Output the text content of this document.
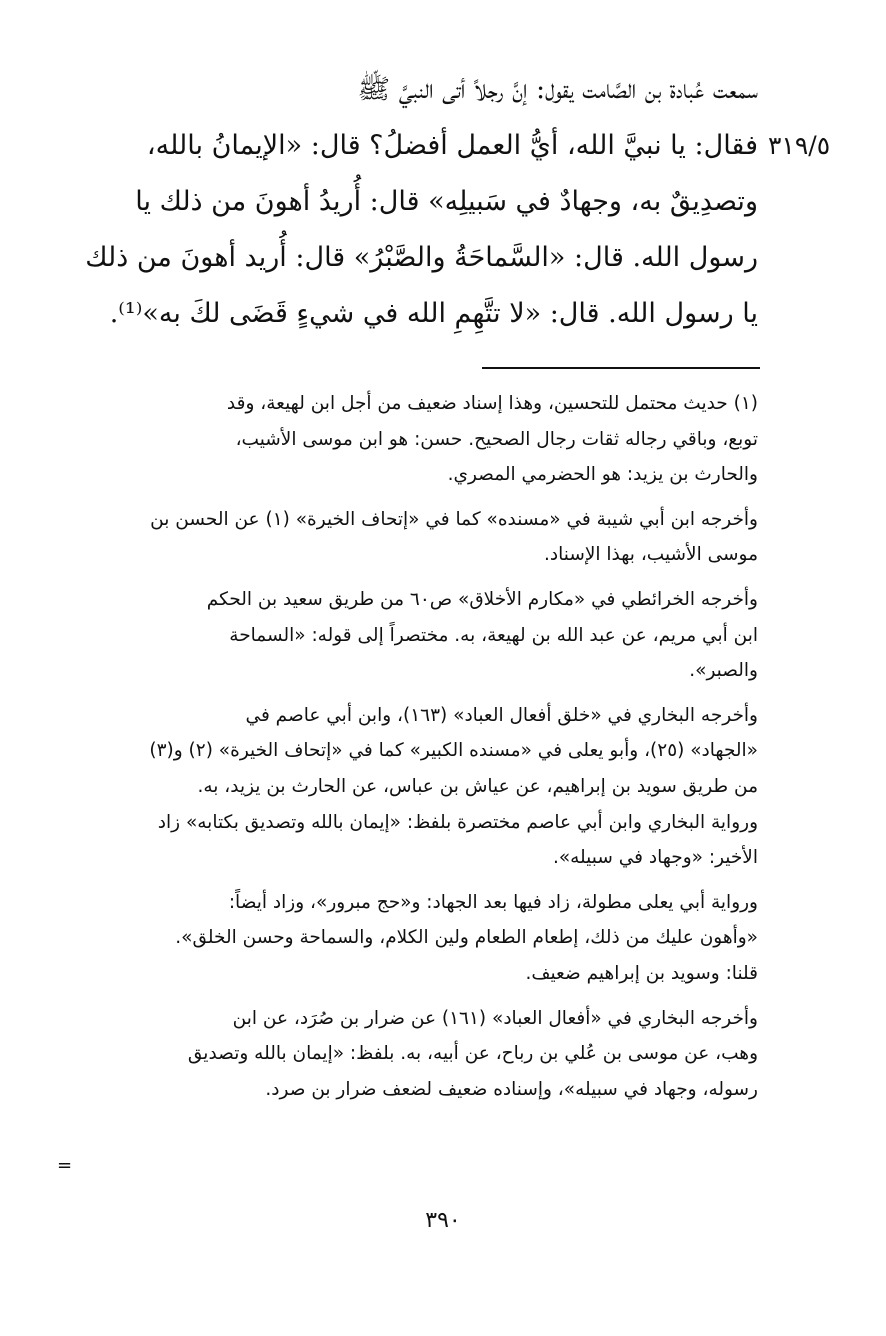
٣١٩/٥
سمعت عُبادة بن الصَّامت يقول: إنَّ رجلاً أتى النبيَّ ﷺ
فقال: يا نبيَّ الله، أيُّ العمل أفضلُ؟ قال: «الإيمانُ بالله،
وتصدِيقٌ به، وجهادٌ في سَبيلِه» قال: أُريدُ أهونَ من ذلك يا
رسول الله. قال: «السَّماحَةُ والصَّبْرُ» قال: أُريد أهونَ من ذلك
يا رسول الله. قال: «لا تتَّهِمِ الله في شيءٍ قَضَى لكَ به»⁽¹⁾.
(١) حديث محتمل للتحسين، وهذا إسناد ضعيف من أجل ابن لهيعة، وقد
توبع، وباقي رجاله ثقات رجال الصحيح. حسن: هو ابن موسى الأشيب،
والحارث بن يزيد: هو الحضرمي المصري.
وأخرجه ابن أبي شيبة في «مسنده» كما في «إتحاف الخيرة» (١) عن الحسن بن
موسى الأشيب، بهذا الإسناد.
وأخرجه الخرائطي في «مكارم الأخلاق» ص٦٠ من طريق سعيد بن الحكم
ابن أبي مريم، عن عبد الله بن لهيعة، به. مختصراً إلى قوله: «السماحة
والصبر».
وأخرجه البخاري في «خلق أفعال العباد» (١٦٣)، وابن أبي عاصم في
«الجهاد» (٢٥)، وأبو يعلى في «مسنده الكبير» كما في «إتحاف الخيرة» (٢) و(٣)
من طريق سويد بن إبراهيم، عن عياش بن عباس، عن الحارث بن يزيد، به.
ورواية البخاري وابن أبي عاصم مختصرة بلفظ: «إيمان بالله وتصديق بكتابه» زاد
الأخير: «وجهاد في سبيله».
ورواية أبي يعلى مطولة، زاد فيها بعد الجهاد: و«حج مبرور»، وزاد أيضاً:
«وأهون عليك من ذلك، إطعام الطعام ولين الكلام، والسماحة وحسن الخلق».
قلنا: وسويد بن إبراهيم ضعيف.
وأخرجه البخاري في «أفعال العباد» (١٦١) عن ضرار بن صُرَد، عن ابن
وهب، عن موسى بن عُلي بن رباح، عن أبيه، به. بلفظ: «إيمان بالله وتصديق
رسوله، وجهاد في سبيله»، وإسناده ضعيف لضعف ضرار بن صرد.
=
٣٩٠
